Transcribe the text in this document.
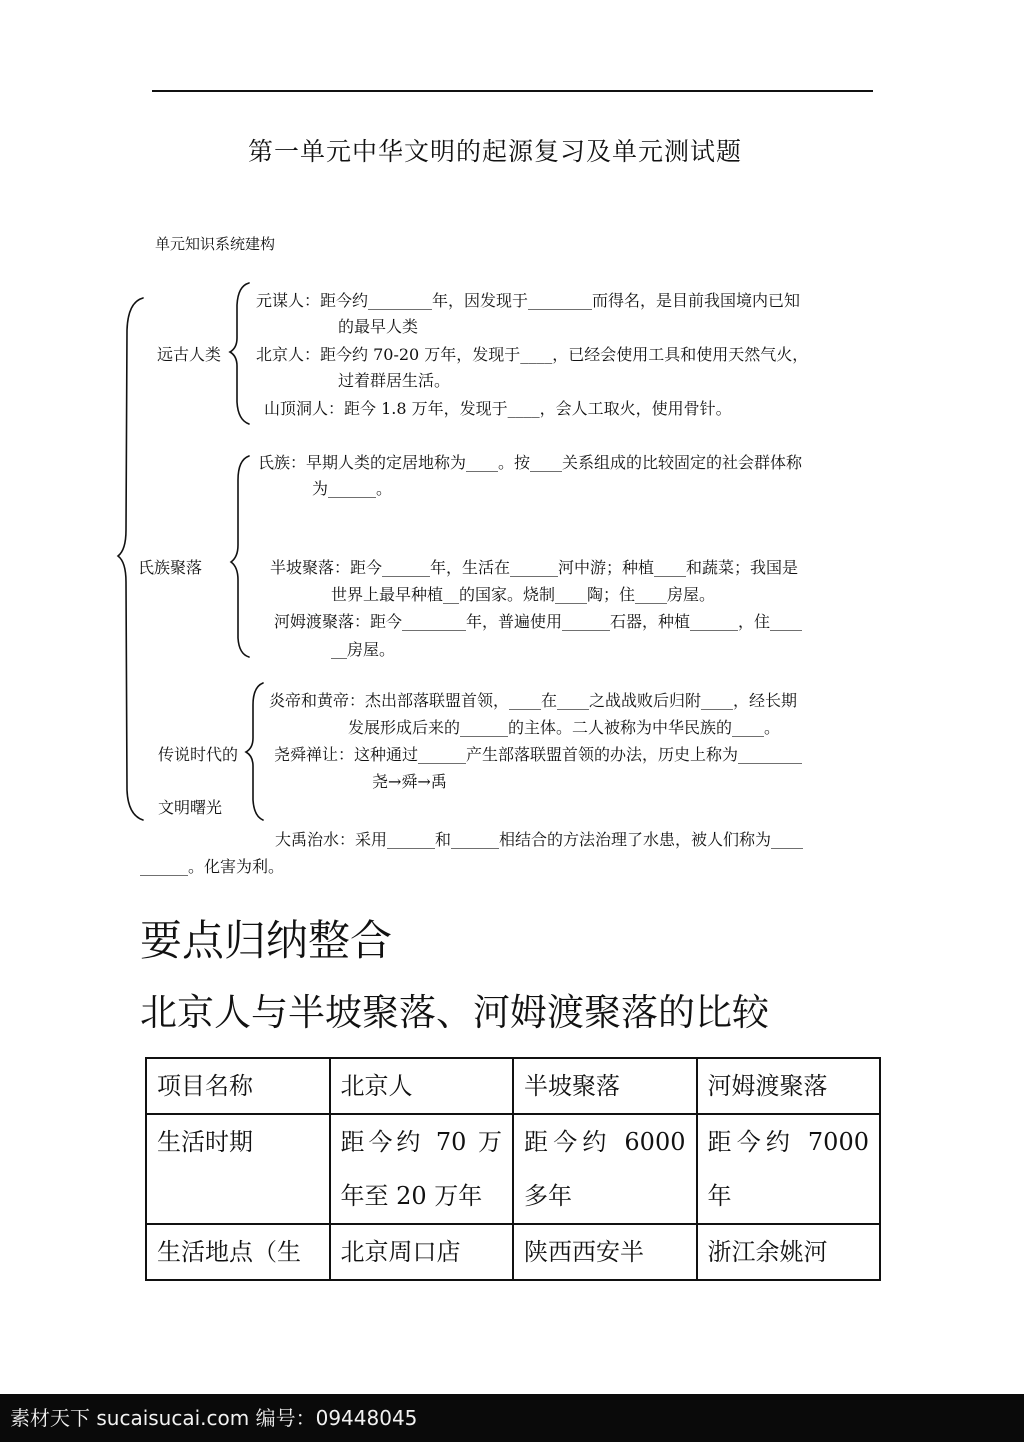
第一单元中华文明的起源复习及单元测试题
单元知识系统建构
远古人类
氏族聚落
传说时代的
文明曙光
元谋人：距今约________年，因发现于________而得名，是目前我国境内已知
的最早人类
北京人：距今约 70-20 万年，发现于____，已经会使用工具和使用天然气火，
过着群居生活。
山顶洞人：距今 1.8 万年，发现于____，会人工取火，使用骨针。
氏族：早期人类的定居地称为____。按____关系组成的比较固定的社会群体称
为______。
半坡聚落：距今______年，生活在______河中游；种植____和蔬菜；我国是
世界上最早种植__的国家。烧制____陶；住____房屋。
河姆渡聚落：距今________年，普遍使用______石器，种植______，住____
__房屋。
炎帝和黄帝：杰出部落联盟首领，____在____之战战败后归附____，经长期
发展形成后来的______的主体。二人被称为中华民族的____。
尧舜禅让：这种通过______产生部落联盟首领的办法，历史上称为________
尧→舜→禹
大禹治水：采用______和______相结合的方法治理了水患，被人们称为____
______。化害为利。
要点归纳整合
北京人与半坡聚落、河姆渡聚落的比较
项目名称	北京人	半坡聚落	河姆渡聚落
生活时期	距今约 70 万年至 20 万年	距今约 6000 多年	距今约 7000 年
生活地点（生	北京周口店	陕西西安半	浙江余姚河
素材天下 sucaisucai.com 编号：09448045
